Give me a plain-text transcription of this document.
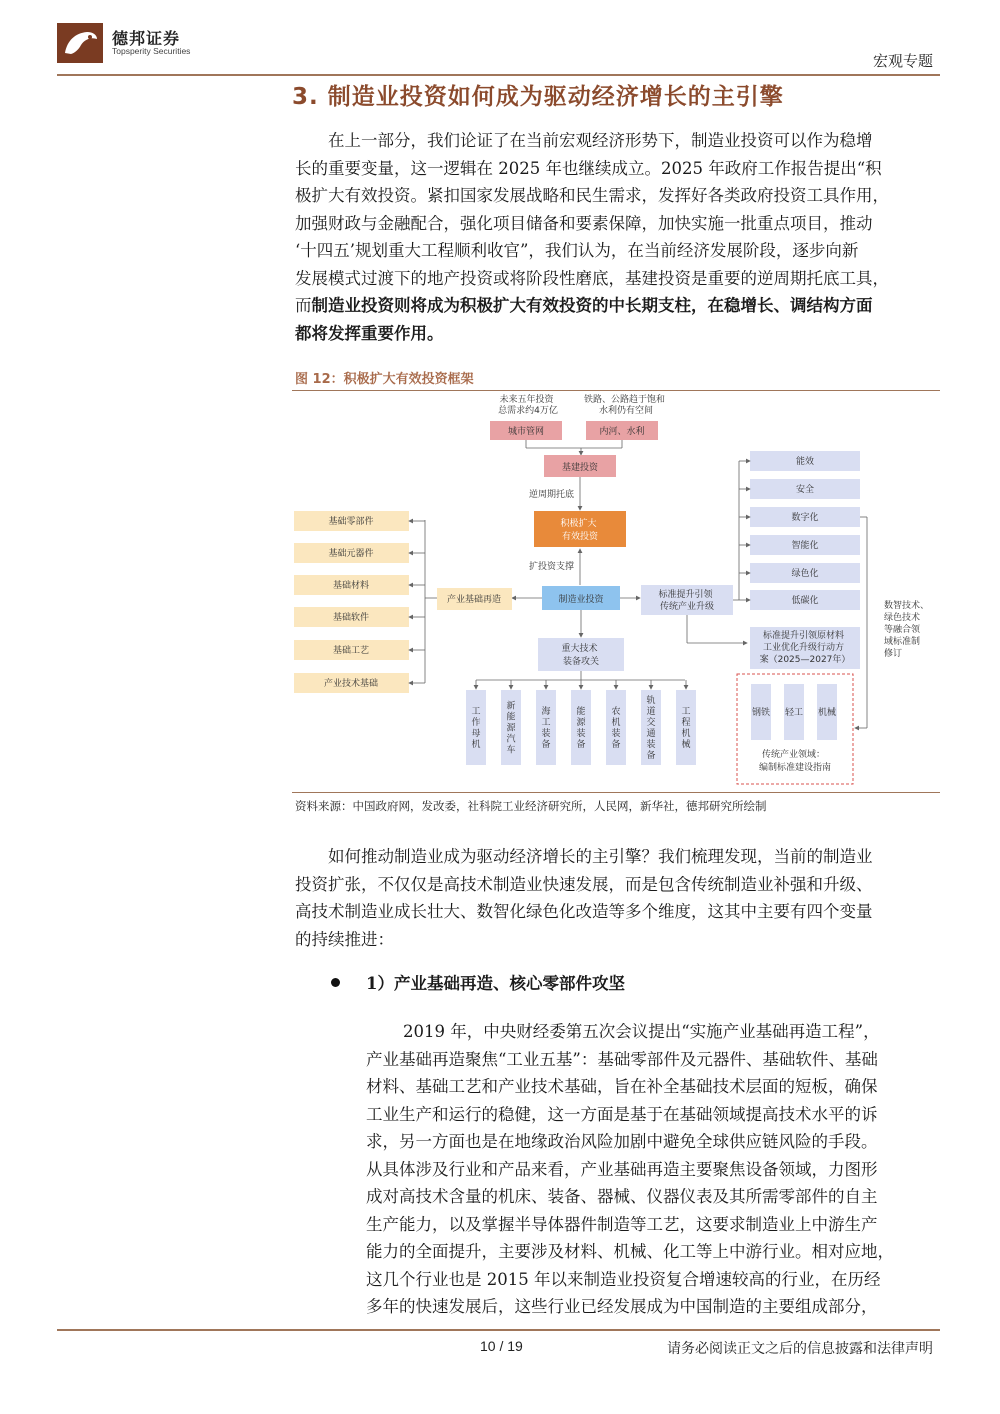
德邦证券
Topsperity Securities
宏观专题
3. 制造业投资如何成为驱动经济增长的主引擎
在上一部分，我们论证了在当前宏观经济形势下，制造业投资可以作为稳增
长的重要变量，这一逻辑在 2025 年也继续成立。2025 年政府工作报告提出“积
极扩大有效投资。紧扣国家发展战略和民生需求，发挥好各类政府投资工具作用，
加强财政与金融配合，强化项目储备和要素保障，加快实施一批重点项目，推动
‘十四五’规划重大工程顺利收官”，我们认为，在当前经济发展阶段，逐步向新
发展模式过渡下的地产投资或将阶段性磨底，基建投资是重要的逆周期托底工具，
而制造业投资则将成为积极扩大有效投资的中长期支柱，在稳增长、调结构方面
都将发挥重要作用。
图 12：积极扩大有效投资框架
未来五年投资 总需求约4万亿
铁路、公路趋于饱和 水利仍有空间
城市管网	内河、水利
基建投资
逆周期托底
积极扩大 有效投资
扩投资支撑
制造业投资
产业基础再造
基础零部件
基础元器件
基础材料
基础软件
基础工艺
产业技术基础
标准提升引领 传统产业升级
能效
安全
数字化
智能化
绿色化
低碳化	数智技术、 绿色技术 等融合领 域标准制 修订
标准提升引领原材料 工业优化升级行动方 案（2025—2027年）
钢铁 轻工 机械
传统产业领域： 编制标准建设指南
重大技术 装备攻关
工作母机
新能源汽车
海工装备
能源装备
农机装备
轨道交通装备
工程机械
资料来源：中国政府网，发改委，社科院工业经济研究所，人民网，新华社，德邦研究所绘制
如何推动制造业成为驱动经济增长的主引擎？我们梳理发现，当前的制造业
投资扩张，不仅仅是高技术制造业快速发展，而是包含传统制造业补强和升级、
高技术制造业成长壮大、数智化绿色化改造等多个维度，这其中主要有四个变量
的持续推进：
1）产业基础再造、核心零部件攻坚
2019 年，中央财经委第五次会议提出“实施产业基础再造工程”，
产业基础再造聚焦“工业五基”：基础零部件及元器件、基础软件、基础
材料、基础工艺和产业技术基础，旨在补全基础技术层面的短板，确保
工业生产和运行的稳健，这一方面是基于在基础领域提高技术水平的诉
求，另一方面也是在地缘政治风险加剧中避免全球供应链风险的手段。
从具体涉及行业和产品来看，产业基础再造主要聚焦设备领域，力图形
成对高技术含量的机床、装备、器械、仪器仪表及其所需零部件的自主
生产能力，以及掌握半导体器件制造等工艺，这要求制造业上中游生产
能力的全面提升，主要涉及材料、机械、化工等上中游行业。相对应地，
这几个行业也是 2015 年以来制造业投资复合增速较高的行业，在历经
多年的快速发展后，这些行业已经发展成为中国制造的主要组成部分，
10 / 19	请务必阅读正文之后的信息披露和法律声明
